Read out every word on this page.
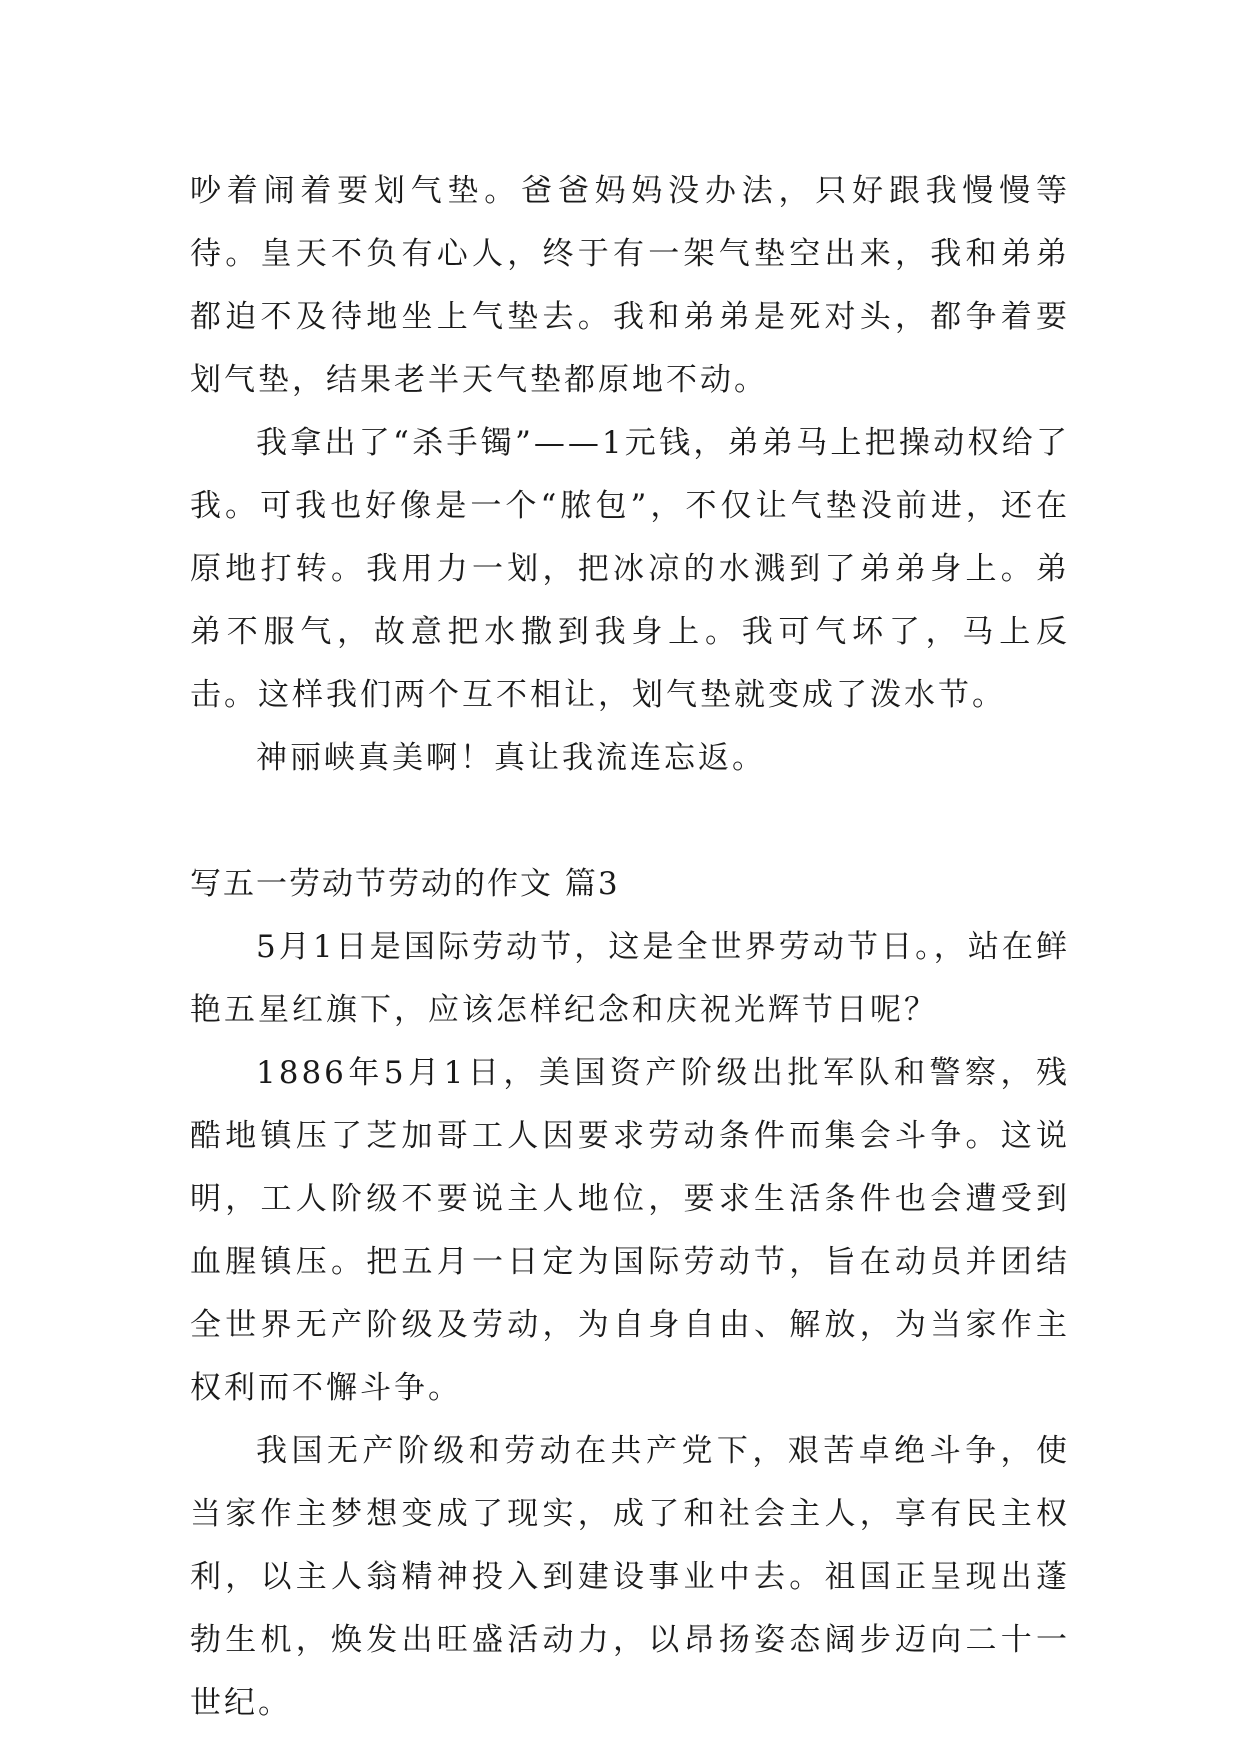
吵着闹着要划气垫。爸爸妈妈没办法，只好跟我慢慢等待。皇天不负有心人，终于有一架气垫空出来，我和弟弟都迫不及待地坐上气垫去。我和弟弟是死对头，都争着要划气垫，结果老半天气垫都原地不动。

我拿出了“杀手镯”——1元钱，弟弟马上把操动权给了我。可我也好像是一个“脓包”，不仅让气垫没前进，还在原地打转。我用力一划，把冰凉的水溅到了弟弟身上。弟弟不服气，故意把水撒到我身上。我可气坏了，马上反击。这样我们两个互不相让，划气垫就变成了泼水节。

神丽峡真美啊！真让我流连忘返。

写五一劳动节劳动的作文 篇3

5月1日是国际劳动节，这是全世界劳动节日。，站在鲜艳五星红旗下，应该怎样纪念和庆祝光辉节日呢？

1886年5月1日，美国资产阶级出批军队和警察，残酷地镇压了芝加哥工人因要求劳动条件而集会斗争。这说明，工人阶级不要说主人地位，要求生活条件也会遭受到血腥镇压。把五月一日定为国际劳动节，旨在动员并团结全世界无产阶级及劳动，为自身自由、解放，为当家作主权利而不懈斗争。

我国无产阶级和劳动在共产党下，艰苦卓绝斗争，使当家作主梦想变成了现实，成了和社会主人，享有民主权利，以主人翁精神投入到建设事业中去。祖国正呈现出蓬勃生机，焕发出旺盛活动力，以昂扬姿态阔步迈向二十一世纪。
